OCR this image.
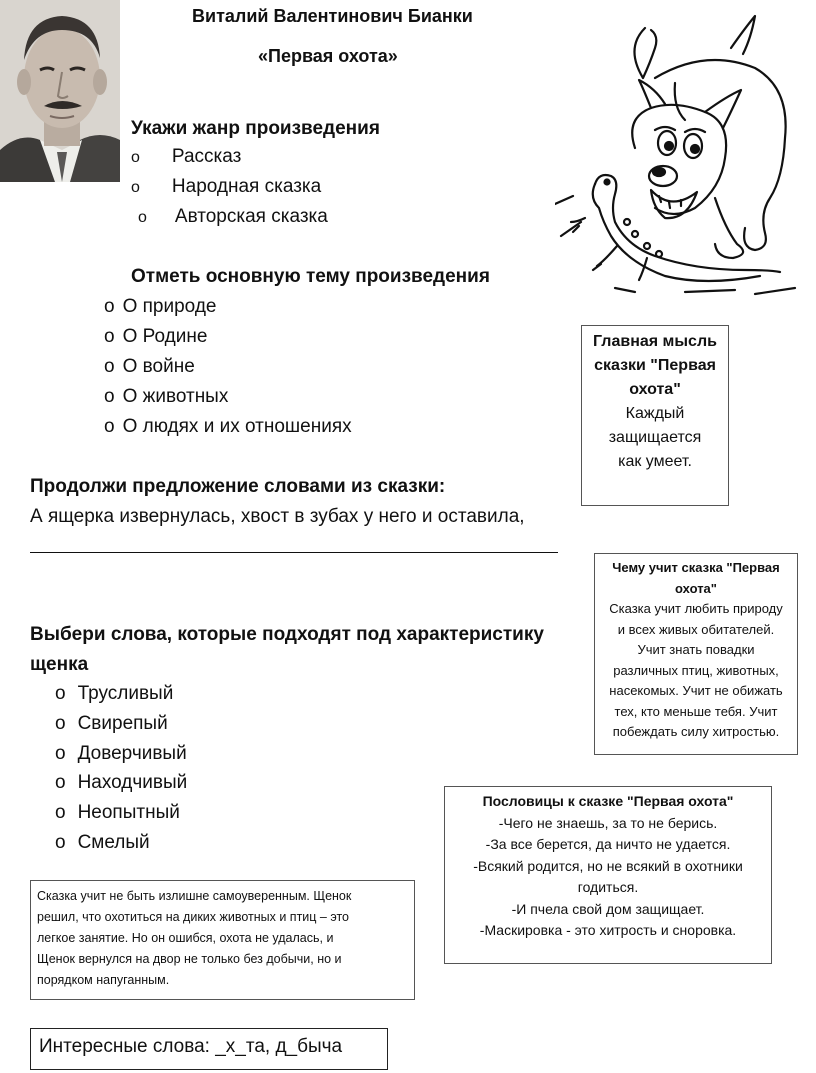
Виталий Валентинович Бианки
«Первая охота»
Укажи жанр произведения
o Рассказ
o Народная сказка
o Авторская сказка
Отметь основную тему произведения
o О природе
o О Родине
o О войне
o О животных
o О людях и их отношениях
Главная мысль
сказки "Первая
охота"
Каждый
защищается
как умеет.
Продолжи предложение словами из сказки:
А ящерка извернулась, хвост в зубах у него и оставила,
Чему учит сказка "Первая
охота"
Сказка учит любить природу
и всех живых обитателей.
Учит знать повадки
различных птиц, животных,
насекомых. Учит не обижать
тех, кто меньше тебя. Учит
побеждать силу хитростью.
Выбери слова, которые подходят под характеристику
щенка
o Трусливый
o Свирепый
o Доверчивый
o Находчивый
o Неопытный
o Смелый
Пословицы к сказке "Первая охота"
-Чего не знаешь, за то не берись.
-За все берется, да ничто не удается.
-Всякий родится, но не всякий в охотники
годиться.
-И пчела свой дом защищает.
-Маскировка - это хитрость и сноровка.
Сказка учит не быть излишне самоуверенным. Щенок
решил, что охотиться на диких животных и птиц – это
легкое занятие. Но он ошибся, охота не удалась, и
Щенок вернулся на двор не только без добычи, но и
порядком напуганным.
Интересные слова: _х_та, д_быча
